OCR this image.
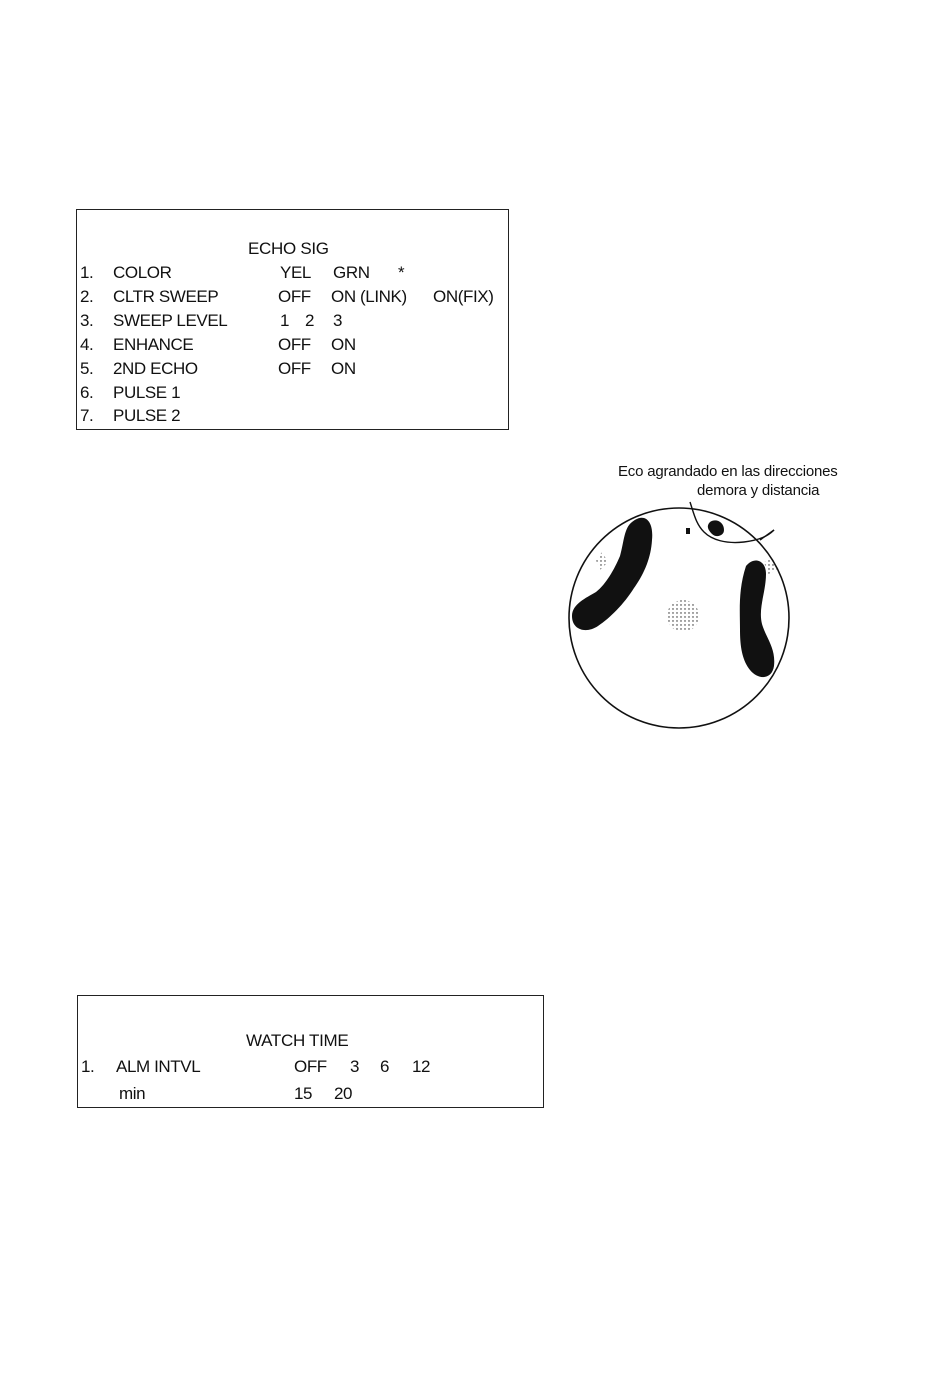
ECHO SIG
1. COLOR	YEL GRN *
2. CLTR SWEEP	OFF ON (LINK) ON(FIX)
3. SWEEP LEVEL	1 2 3
4. ENHANCE	OFF ON
5. 2ND ECHO	OFF ON
6. PULSE 1
7. PULSE 2
Eco agrandado en las direcciones
demora y distancia
WATCH TIME
1. ALM INTVL	OFF 3 6 12
min	15 20
